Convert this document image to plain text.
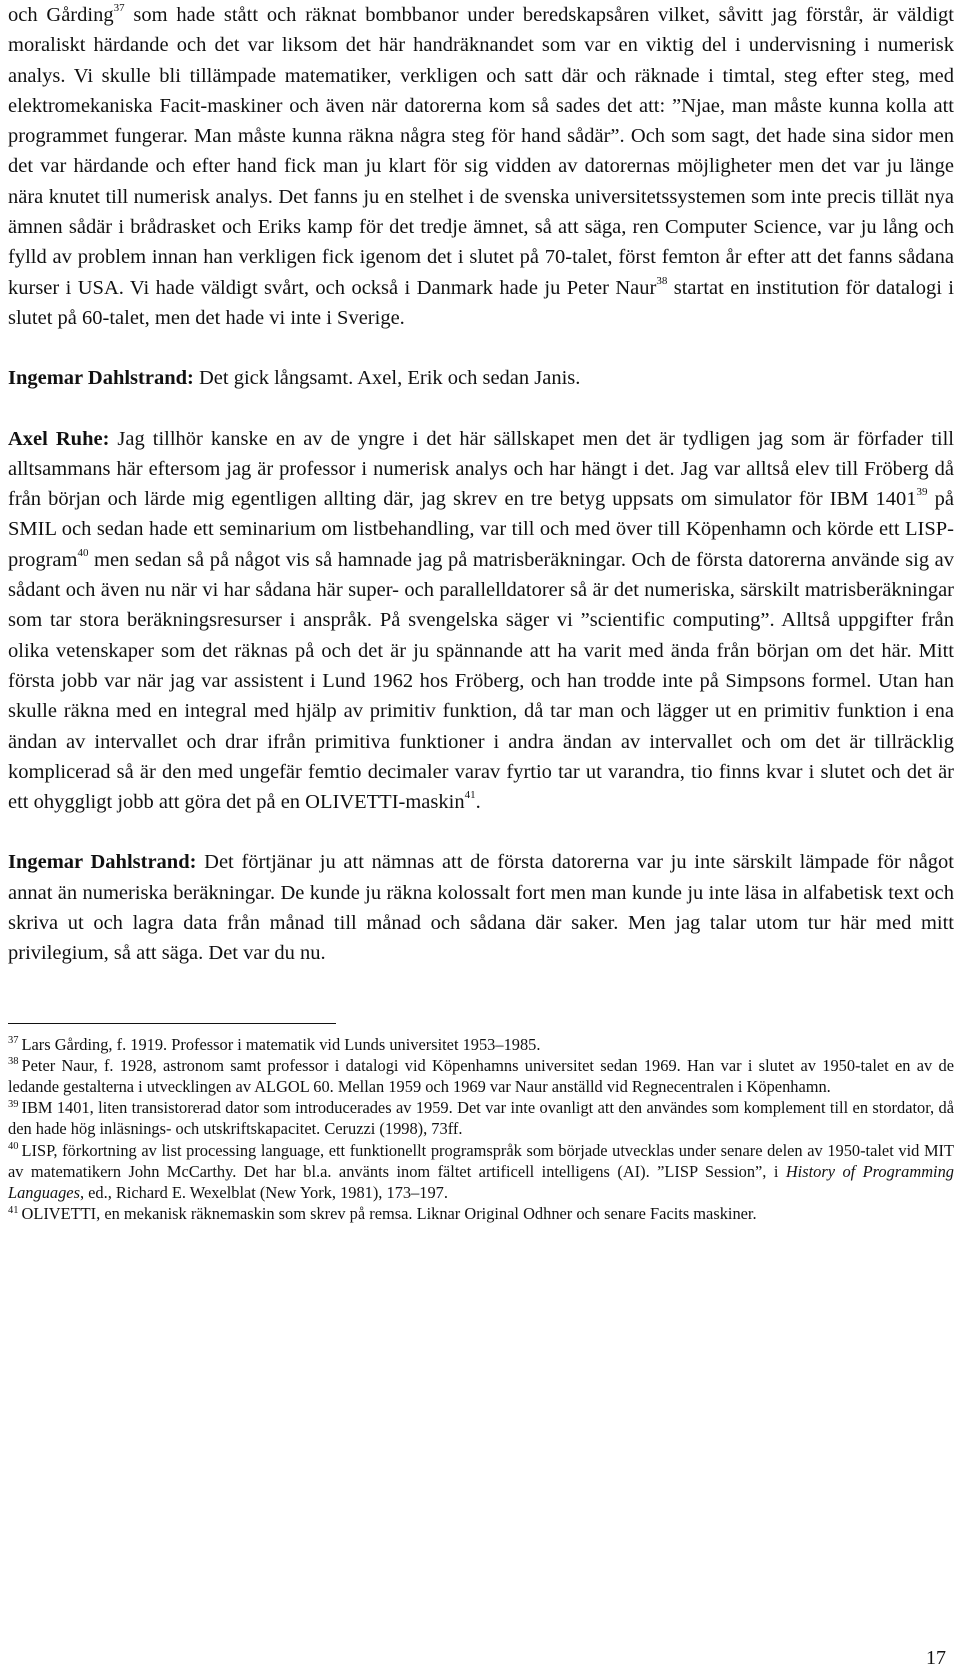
och Gårding$^{37}$ som hade stått och räknat bombbanor under beredskapsåren vilket, såvitt jag förstår, är väldigt moraliskt härdande och det var liksom det här handräknandet som var en viktig del i undervisning i numerisk analys. Vi skulle bli tillämpade matematiker, verkligen och satt där och räknade i timtal, steg efter steg, med elektromekaniska Facit-maskiner och även när datorerna kom så sades det att: ”Njae, man måste kunna kolla att programmet fungerar. Man måste kunna räkna några steg för hand sådär”. Och som sagt, det hade sina sidor men det var härdande och efter hand fick man ju klart för sig vidden av datorernas möjligheter men det var ju länge nära knutet till numerisk analys. Det fanns ju en stelhet i de svenska universitetssystemen som inte precis tillät nya ämnen sådär i brådrasket och Eriks kamp för det tredje ämnet, så att säga, ren Computer Science, var ju lång och fylld av problem innan han verkligen fick igenom det i slutet på 70-talet, först femton år efter att det fanns sådana kurser i USA. Vi hade väldigt svårt, och också i Danmark hade ju Peter Naur$^{38}$ startat en institution för datalogi i slutet på 60-talet, men det hade vi inte i Sverige.

Ingemar Dahlstrand: Det gick långsamt. Axel, Erik och sedan Janis.

Axel Ruhe: Jag tillhör kanske en av de yngre i det här sällskapet men det är tydligen jag som är förfader till alltsammans här eftersom jag är professor i numerisk analys och har hängt i det. Jag var alltså elev till Fröberg då från början och lärde mig egentligen allting där, jag skrev en tre betyg uppsats om simulator för IBM 1401$^{39}$ på SMIL och sedan hade ett seminarium om listbehandling, var till och med över till Köpenhamn och körde ett LISP-program$^{40}$ men sedan så på något vis så hamnade jag på matrisberäkningar. Och de första datorerna använde sig av sådant och även nu när vi har sådana här super- och parallelldatorer så är det numeriska, särskilt matrisberäkningar som tar stora beräkningsresurser i anspråk. På svengelska säger vi ”scientific computing”. Alltså uppgifter från olika vetenskaper som det räknas på och det är ju spännande att ha varit med ända från början om det här. Mitt första jobb var när jag var assistent i Lund 1962 hos Fröberg, och han trodde inte på Simpsons formel. Utan han skulle räkna med en integral med hjälp av primitiv funktion, då tar man och lägger ut en primitiv funktion i ena ändan av intervallet och drar ifrån primitiva funktioner i andra ändan av intervallet och om det är tillräcklig komplicerad så är den med ungefär femtio decimaler varav fyrtio tar ut varandra, tio finns kvar i slutet och det är ett ohyggligt jobb att göra det på en OLIVETTI-maskin$^{41}$.

Ingemar Dahlstrand: Det förtjänar ju att nämnas att de första datorerna var ju inte särskilt lämpade för något annat än numeriska beräkningar. De kunde ju räkna kolossalt fort men man kunde ju inte läsa in alfabetisk text och skriva ut och lagra data från månad till månad och sådana där saker. Men jag talar utom tur här med mitt privilegium, så att säga. Det var du nu.

$^{37}$ Lars Gårding, f. 1919. Professor i matematik vid Lunds universitet 1953–1985.

$^{38}$ Peter Naur, f. 1928, astronom samt professor i datalogi vid Köpenhamns universitet sedan 1969. Han var i slutet av 1950-talet en av de ledande gestalterna i utvecklingen av ALGOL 60. Mellan 1959 och 1969 var Naur anställd vid Regnecentralen i Köpenhamn.

$^{39}$ IBM 1401, liten transistorerad dator som introducerades av 1959. Det var inte ovanligt att den användes som komplement till en stordator, då den hade hög inläsnings- och utskriftskapacitet. Ceruzzi (1998), 73ff.

$^{40}$ LISP, förkortning av list processing language, ett funktionellt programspråk som började utvecklas under senare delen av 1950-talet vid MIT av matematikern John McCarthy. Det har bl.a. använts inom fältet artificell intelligens (AI). ”LISP Session”, i History of Programming Languages, ed., Richard E. Wexelblat (New York, 1981), 173–197.

$^{41}$ OLIVETTI, en mekanisk räknemaskin som skrev på remsa. Liknar Original Odhner och senare Facits maskiner.

17
